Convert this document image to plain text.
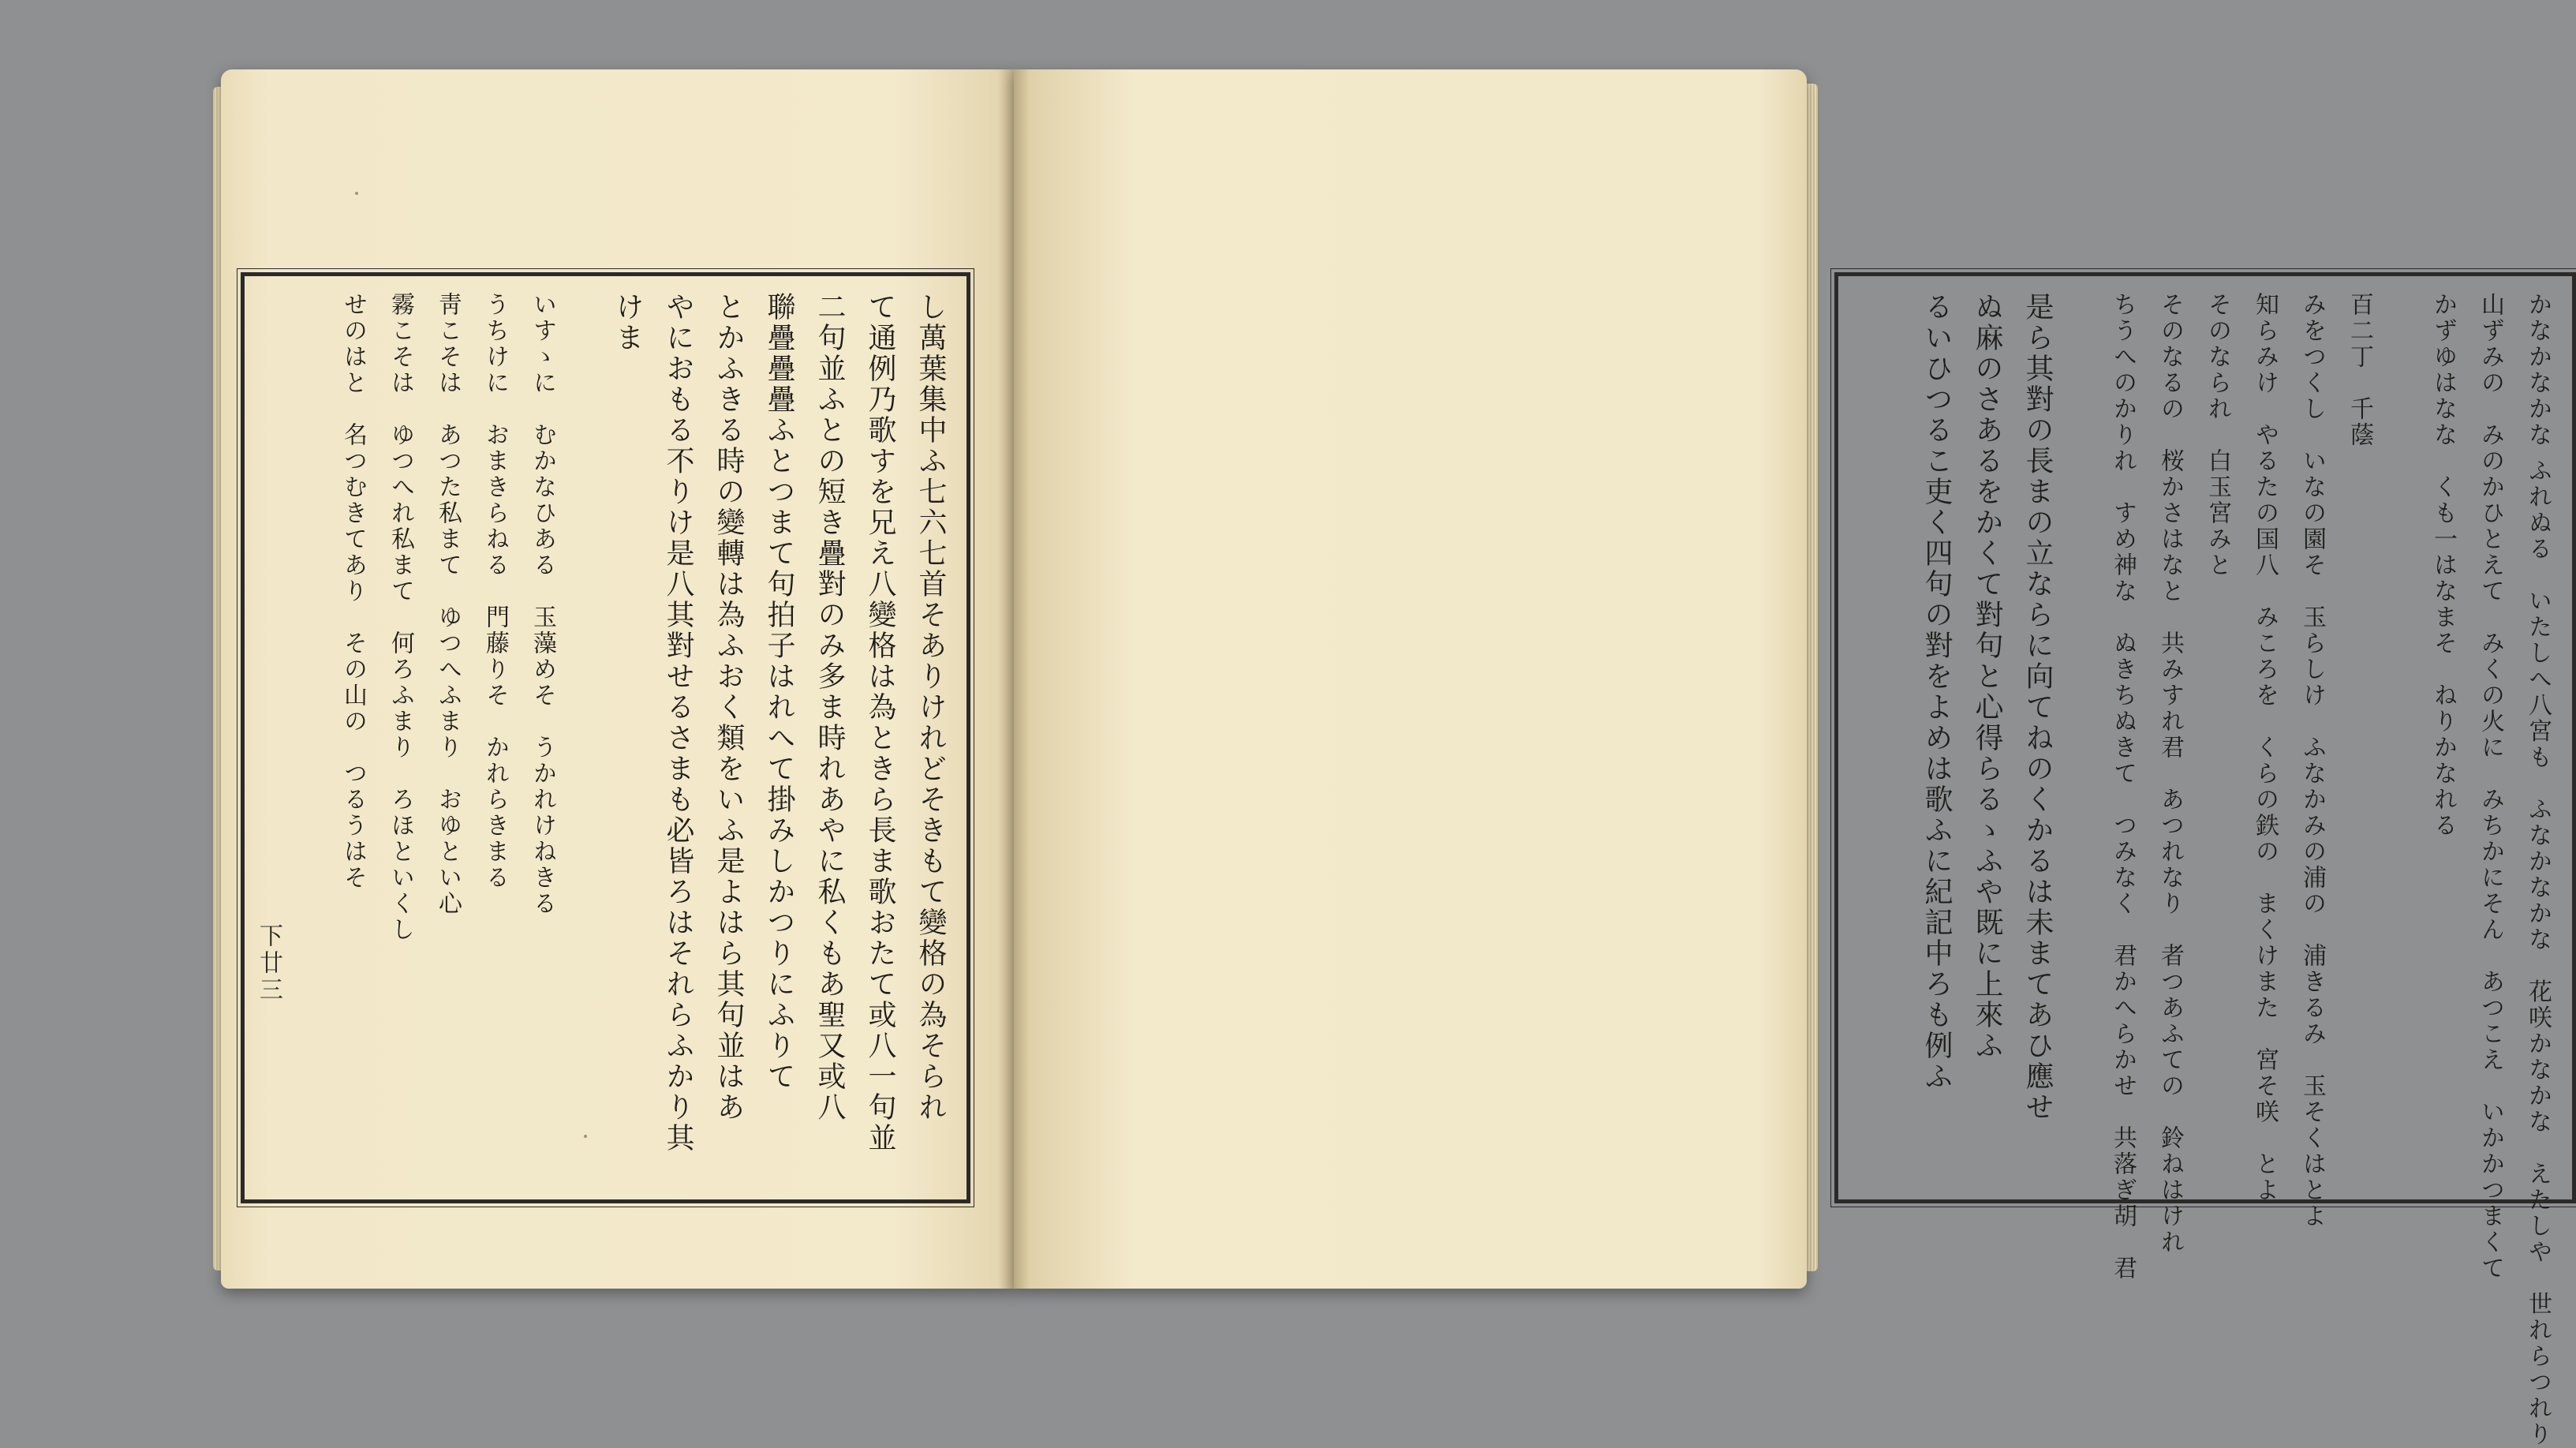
下廿三	し萬葉集中ふ七六七首そありけれどそきもて變格の為そられ
て通例乃歌すを兄え八變格は為ときら長ま歌おたて或八一句並
二句並ふとの短き疊對のみ多ま時れあやに私くもあ聖又或八
聯疊疊疊ふとつまて句拍子はれへて掛みしかつりにふりて
とかふきる時の變轉は為ふおく類をいふ是よはら其句並はあ
やにおもる不りけ是八其對せるさまも必皆ろはそれらふかり其
けま
いすゝに　むかなひある　玉藻めそ　うかれけねきる
うちけに　おまきらねる　門藤りそ　かれらきまる
靑こそは　あつた私まて　ゆつへふまり　おゆとい心
霧こそは　ゆつへれ私まて　何ろふまり　ろほといくし
せのはと　名つむきてあり　その山の　つるうはそ	かなかなかな ふれぬる　いたしへ八宮も　ふなかなかな　花咲かなかな　えたしや　世れらつれり
山ずみの　みのかひとえて　みくの火に　みちかにそん　あつこえ　いかかつまくて
かずゆはなな　くも一はなまそ　ねりかなれる
百二丁　千蔭
みをつくし　いなの園そ　玉らしけ　ふなかみの浦の　浦きるみ　玉そくはとよ
知らみけ　やるたの国八　みころを　くらの鉄の　まくけまた　宮そ咲　とよ
そのなられ　白玉宮みと
そのなるの　桜かさはなと　共みすれ君　あつれなり　者つあふての　鈴ねはけれ
ちうへのかりれ　すめ神な　ぬきちぬきて　つみなく　君かへらかせ　共落ぎ胡　君
是ら其對の長まの立ならに向てねのくかるは未まてあひ應せ
ぬ麻のさあるをかくて對句と心得らるゝふや既に上來ふ
るいひつるこ吏く四句の對をよめは歌ふに紀記中ろも例ふ
